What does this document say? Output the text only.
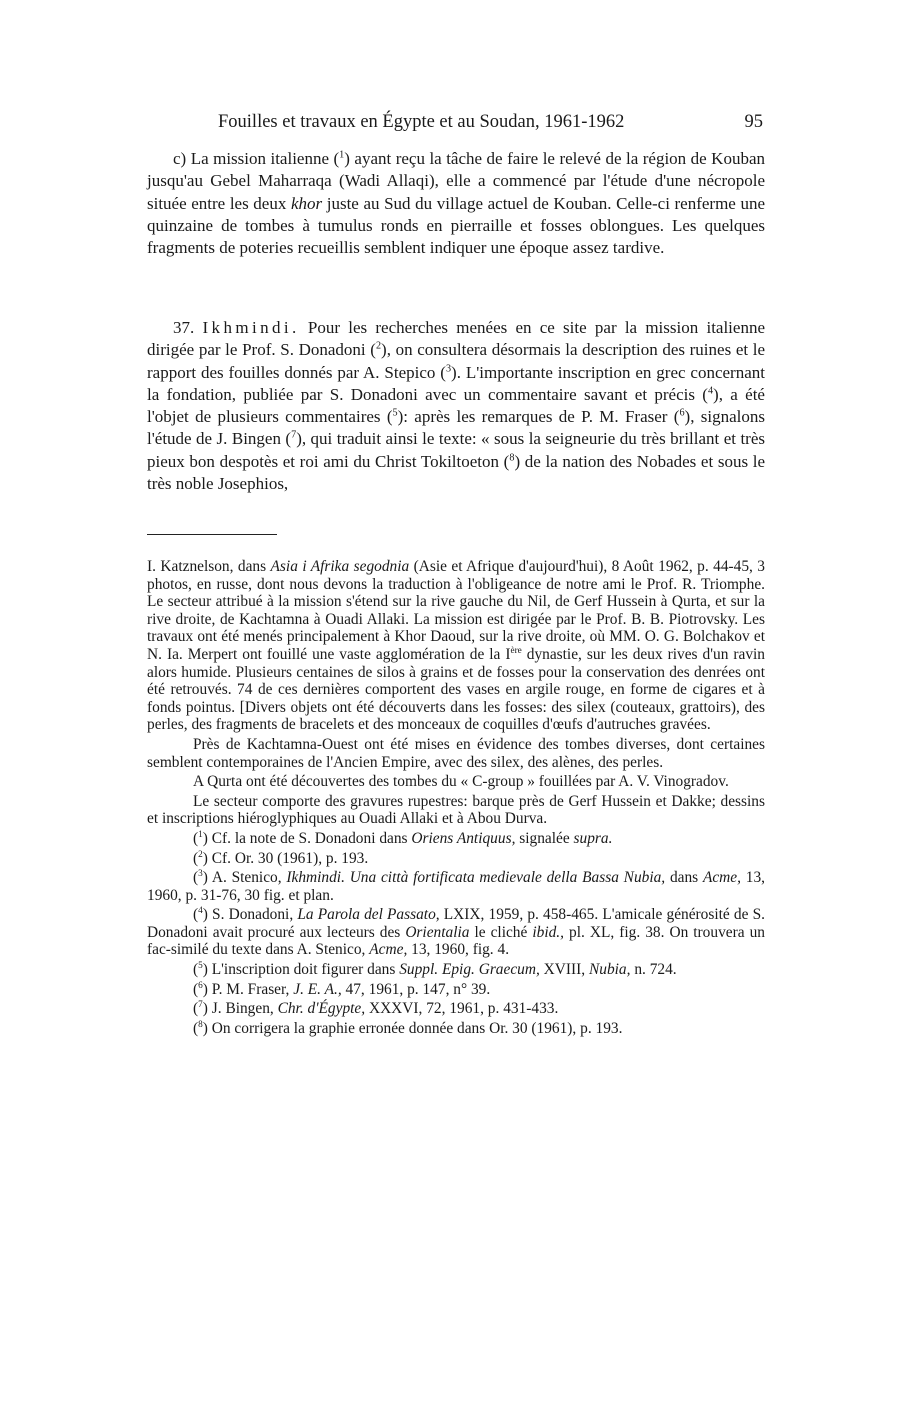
Fouilles et travaux en Égypte et au Soudan, 1961-1962	95

c) La mission italienne ($^1$) ayant reçu la tâche de faire le relevé de la région de Kouban jusqu'au Gebel Maharraqa (Wadi Allaqi), elle a commencé par l'étude d'une nécropole située entre les deux khor juste au Sud du village actuel de Kouban. Celle-ci renferme une quinzaine de tombes à tumulus ronds en pierraille et fosses oblongues. Les quelques fragments de poteries recueillis semblent indiquer une époque assez tardive.

37. Ikhmindi. Pour les recherches menées en ce site par la mission italienne dirigée par le Prof. S. Donadoni ($^2$), on consultera désormais la description des ruines et le rapport des fouilles donnés par A. Stepico ($^3$). L'importante inscription en grec concernant la fondation, publiée par S. Donadoni avec un commentaire savant et précis ($^4$), a été l'objet de plusieurs commentaires ($^5$): après les remarques de P. M. Fraser ($^6$), signalons l'étude de J. Bingen ($^7$), qui traduit ainsi le texte: « sous la seigneurie du très brillant et très pieux bon despotès et roi ami du Christ Tokiltoeton ($^8$) de la nation des Nobades et sous le très noble Josephios,

I. Katznelson, dans Asia i Afrika segodnia (Asie et Afrique d'aujourd'hui), 8 Août 1962, p. 44-45, 3 photos, en russe, dont nous devons la traduction à l'obligeance de notre ami le Prof. R. Triomphe. Le secteur attribué à la mission s'étend sur la rive gauche du Nil, de Gerf Hussein à Qurta, et sur la rive droite, de Kachtamna à Ouadi Allaki. La mission est dirigée par le Prof. B. B. Piotrovsky. Les travaux ont été menés principalement à Khor Daoud, sur la rive droite, où MM. O. G. Bolchakov et N. Ia. Merpert ont fouillé une vaste agglomération de la Ière dynastie, sur les deux rives d'un ravin alors humide. Plusieurs centaines de silos à grains et de fosses pour la conservation des denrées ont été retrouvés. 74 de ces dernières comportent des vases en argile rouge, en forme de cigares et à fonds pointus. [Divers objets ont été découverts dans les fosses: des silex (couteaux, grattoirs), des perles, des fragments de bracelets et des monceaux de coquilles d'œufs d'autruches gravées.

Près de Kachtamna-Ouest ont été mises en évidence des tombes diverses, dont certaines semblent contemporaines de l'Ancien Empire, avec des silex, des alènes, des perles.

A Qurta ont été découvertes des tombes du « C-group » fouillées par A. V. Vinogradov.

Le secteur comporte des gravures rupestres: barque près de Gerf Hussein et Dakke; dessins et inscriptions hiéroglyphiques au Ouadi Allaki et à Abou Durva.

($^1$) Cf. la note de S. Donadoni dans Oriens Antiquus, signalée supra.

($^2$) Cf. Or. 30 (1961), p. 193.

($^3$) A. Stenico, Ikhmindi. Una città fortificata medievale della Bassa Nubia, dans Acme, 13, 1960, p. 31-76, 30 fig. et plan.

($^4$) S. Donadoni, La Parola del Passato, LXIX, 1959, p. 458-465. L'amicale générosité de S. Donadoni avait procuré aux lecteurs des Orientalia le cliché ibid., pl. XL, fig. 38. On trouvera un fac-similé du texte dans A. Stenico, Acme, 13, 1960, fig. 4.

($^5$) L'inscription doit figurer dans Suppl. Epig. Graecum, XVIII, Nubia, n. 724.

($^6$) P. M. Fraser, J. E. A., 47, 1961, p. 147, n° 39.

($^7$) J. Bingen, Chr. d'Égypte, XXXVI, 72, 1961, p. 431-433.

($^8$) On corrigera la graphie erronée donnée dans Or. 30 (1961), p. 193.
